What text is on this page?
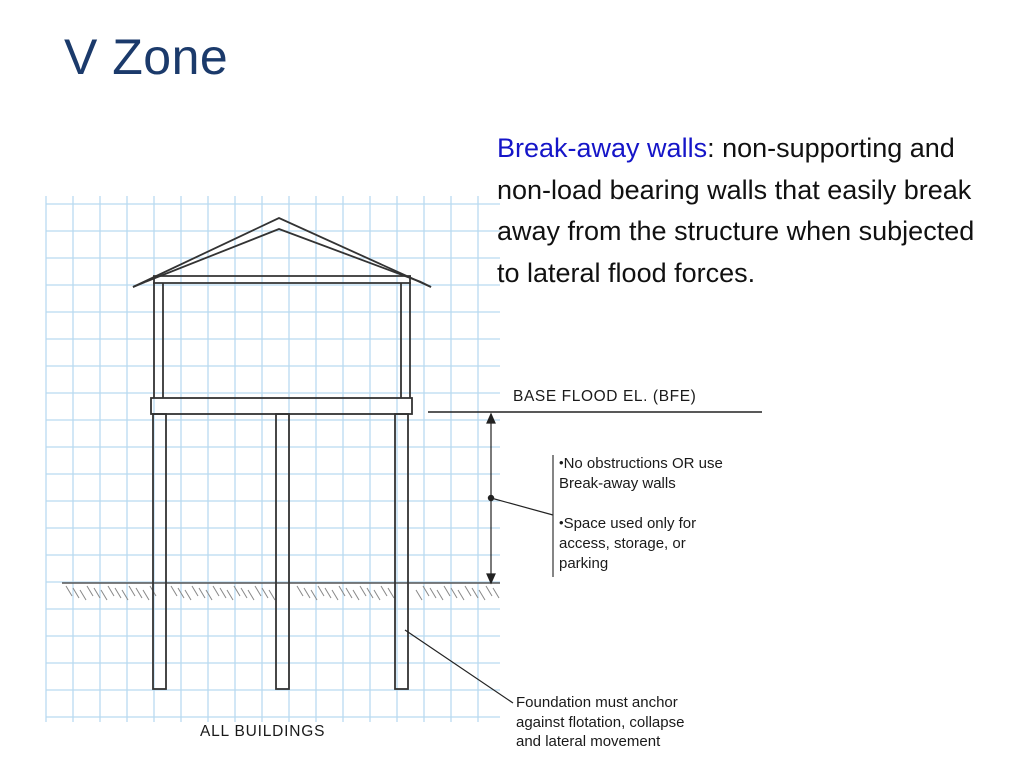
V Zone
Break-away walls: non-supporting and non-load bearing walls that easily break away from the structure when subjected to lateral flood forces.
BASE FLOOD EL. (BFE)
•No obstructions OR use
Break-away walls
•Space used only for
access, storage, or
parking
Foundation must anchor
against flotation, collapse
and lateral movement
ALL BUILDINGS
